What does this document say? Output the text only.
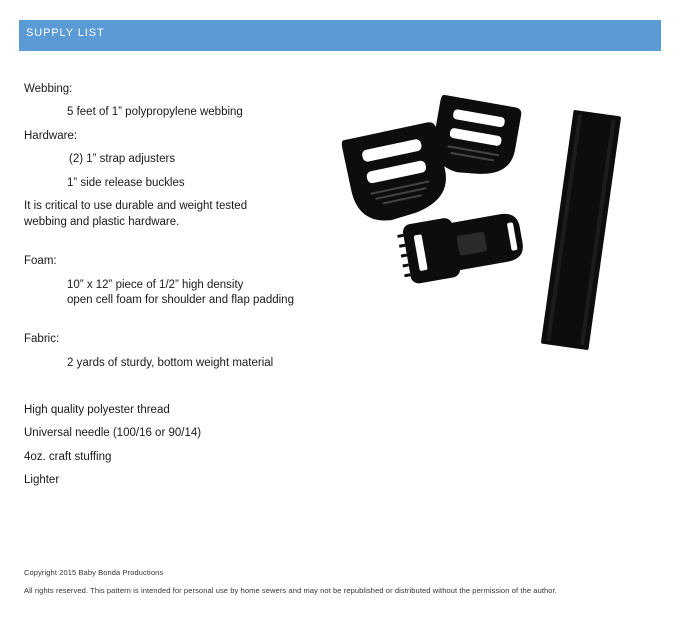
SUPPLY LIST
Webbing:
5 feet of 1” polypropylene webbing
Hardware:
(2) 1” strap adjusters
1” side release buckles
It is critical to use durable and weight tested
webbing and plastic hardware.
Foam:
10” x 12” piece of 1/2” high density
open cell foam for shoulder and flap padding
Fabric:
2 yards of sturdy, bottom weight material
High quality polyester thread
Universal needle (100/16 or 90/14)
4oz. craft stuffing
Lighter
Copyright 2015 Baby Bonda Productions
All rights reserved. This pattern is intended for personal use by home sewers and may not be republished or distributed without the permission of the author.
